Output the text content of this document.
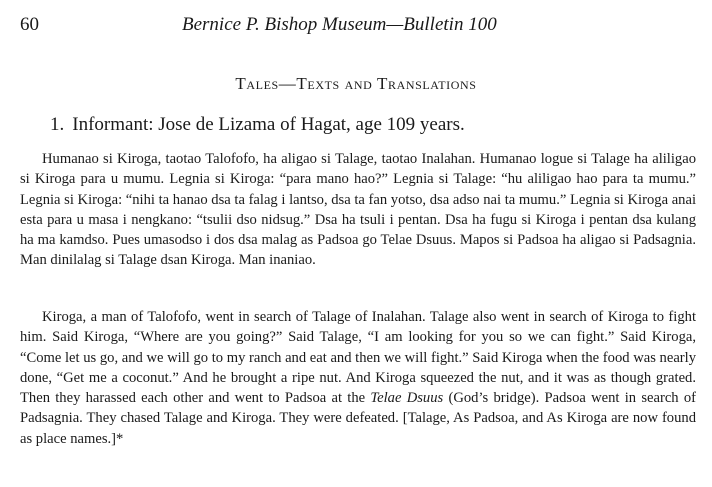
60	Bernice P. Bishop Museum—Bulletin 100
Tales—Texts and Translations
1. Informant: Jose de Lizama of Hagat, age 109 years.

Humanao si Kiroga, taotao Talofofo, ha aligao si Talage, taotao Inalahan. Humanao logue si Talage ha aliligao si Kiroga para u mumu. Legnia si Kiroga: “para mano hao?” Legnia si Talage: “hu aliligao hao para ta mumu.” Legnia si Kiroga: “nihi ta hanao dsa ta falag i lantso, dsa ta fan yotso, dsa adso nai ta mumu.” Legnia si Kiroga anai esta para u masa i nengkano: “tsulii dso nidsug.” Dsa ha tsuli i pentan. Dsa ha fugu si Kiroga i pentan dsa kulang ha ma kamdso. Pues umasodso i dos dsa malag as Padsoa go Telae Dsuus. Mapos si Padsoa ha aligao si Padsagnia. Man dinilalag si Talage dsan Kiroga. Man inaniao.

Kiroga, a man of Talofofo, went in search of Talage of Inalahan. Talage also went in search of Kiroga to fight him. Said Kiroga, “Where are you going?” Said Talage, “I am looking for you so we can fight.” Said Kiroga, “Come let us go, and we will go to my ranch and eat and then we will fight.” Said Kiroga when the food was nearly done, “Get me a coconut.” And he brought a ripe nut. And Kiroga squeezed the nut, and it was as though grated. Then they harassed each other and went to Padsoa at the Telae Dsuus (God’s bridge). Padsoa went in search of Padsagnia. They chased Talage and Kiroga. They were defeated. [Talage, As Padsoa, and As Kiroga are now found as place names.]*
